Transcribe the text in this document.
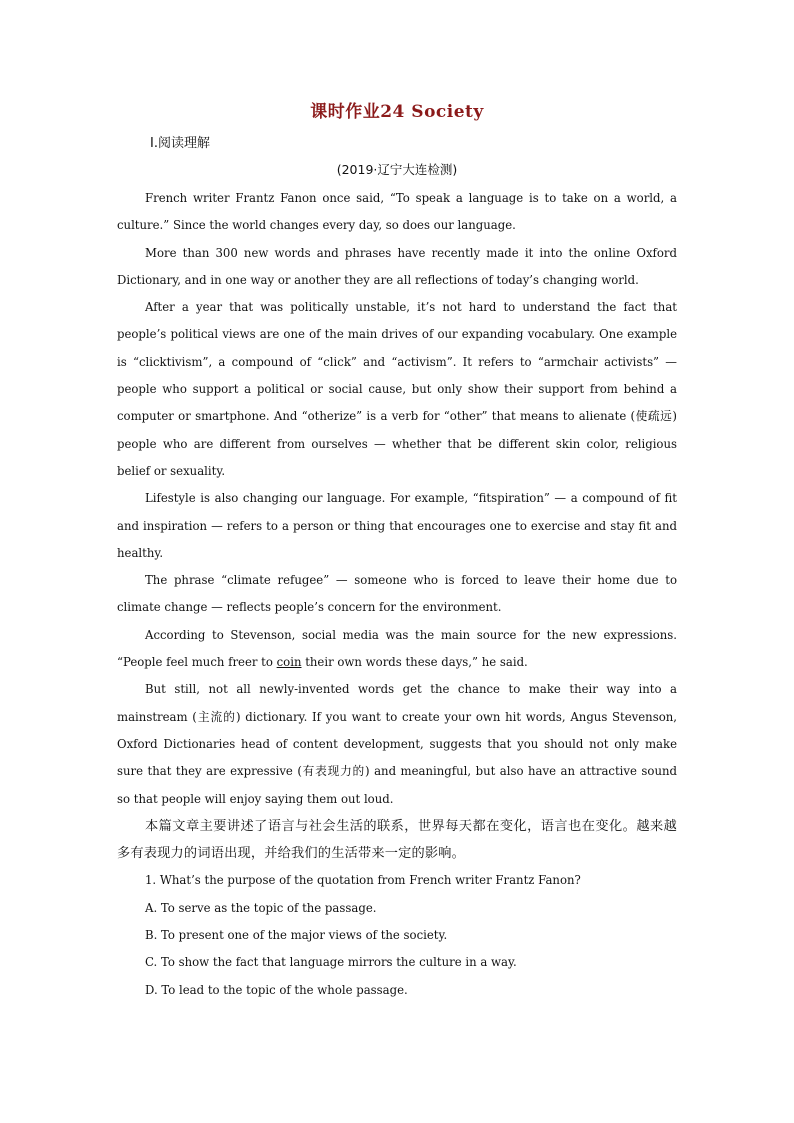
课时作业24 Society
Ⅰ.阅读理解
(2019·辽宁大连检测)

French writer Frantz Fanon once said, “To speak a language is to take on a world, a culture.” Since the world changes every day, so does our language.

More than 300 new words and phrases have recently made it into the online Oxford Dictionary, and in one way or another they are all reflections of today’s changing world.

After a year that was politically unstable, it’s not hard to understand the fact that people’s political views are one of the main drives of our expanding vocabulary. One example is “clicktivism”, a compound of “click” and “activism”. It refers to “armchair activists” — people who support a political or social cause, but only show their support from behind a computer or smartphone. And “otherize” is a verb for “other” that means to alienate (使疏远) people who are different from ourselves — whether that be different skin color, religious belief or sexuality.

Lifestyle is also changing our language. For example, “fitspiration” — a compound of fit and inspiration — refers to a person or thing that encourages one to exercise and stay fit and healthy.

The phrase “climate refugee” — someone who is forced to leave their home due to climate change — reflects people’s concern for the environment.

According to Stevenson, social media was the main source for the new expressions. “People feel much freer to coin their own words these days,” he said.

But still, not all newly-invented words get the chance to make their way into a mainstream (主流的) dictionary. If you want to create your own hit words, Angus Stevenson, Oxford Dictionaries head of content development, suggests that you should not only make sure that they are expressive (有表现力的) and meaningful, but also have an attractive sound so that people will enjoy saying them out loud.

本篇文章主要讲述了语言与社会生活的联系，世界每天都在变化，语言也在变化。越来越多有表现力的词语出现，并给我们的生活带来一定的影响。

1. What’s the purpose of the quotation from French writer Frantz Fanon?

A. To serve as the topic of the passage.

B. To present one of the major views of the society.

C. To show the fact that language mirrors the culture in a way.

D. To lead to the topic of the whole passage.
